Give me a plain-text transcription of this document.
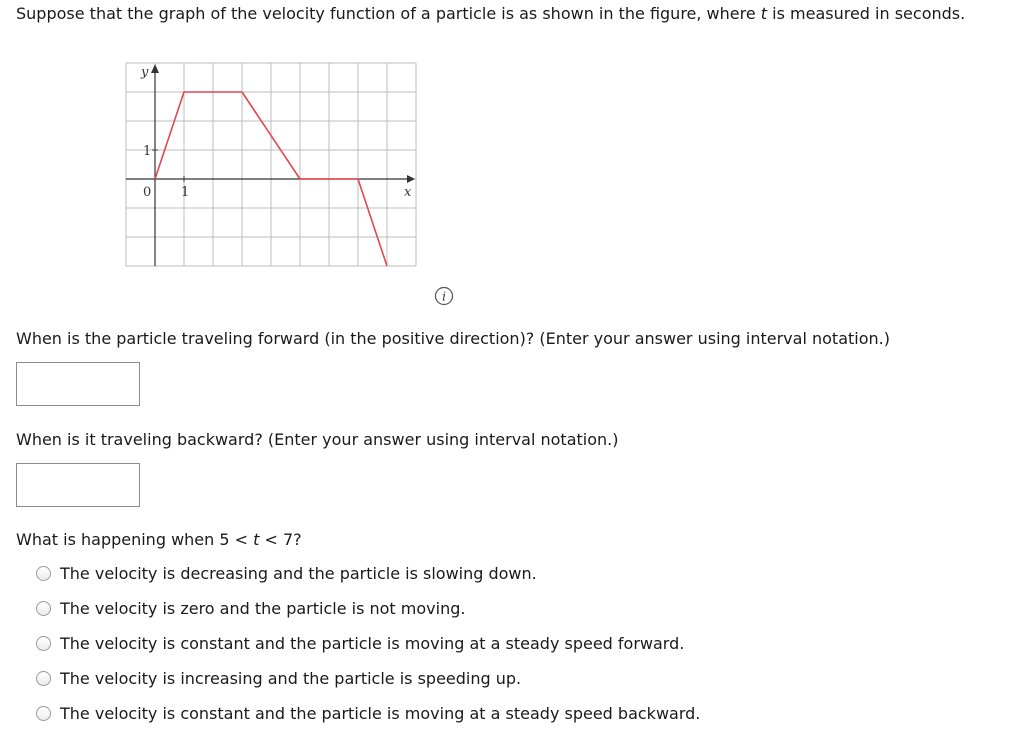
Suppose that the graph of the velocity function of a particle is as shown in the figure, where t is measured in seconds.
y
x
0 1
1
i
When is the particle traveling forward (in the positive direction)? (Enter your answer using interval notation.)
When is it traveling backward? (Enter your answer using interval notation.)
What is happening when 5 < t < 7?
The velocity is decreasing and the particle is slowing down.
The velocity is zero and the particle is not moving.
The velocity is constant and the particle is moving at a steady speed forward.
The velocity is increasing and the particle is speeding up.
The velocity is constant and the particle is moving at a steady speed backward.
